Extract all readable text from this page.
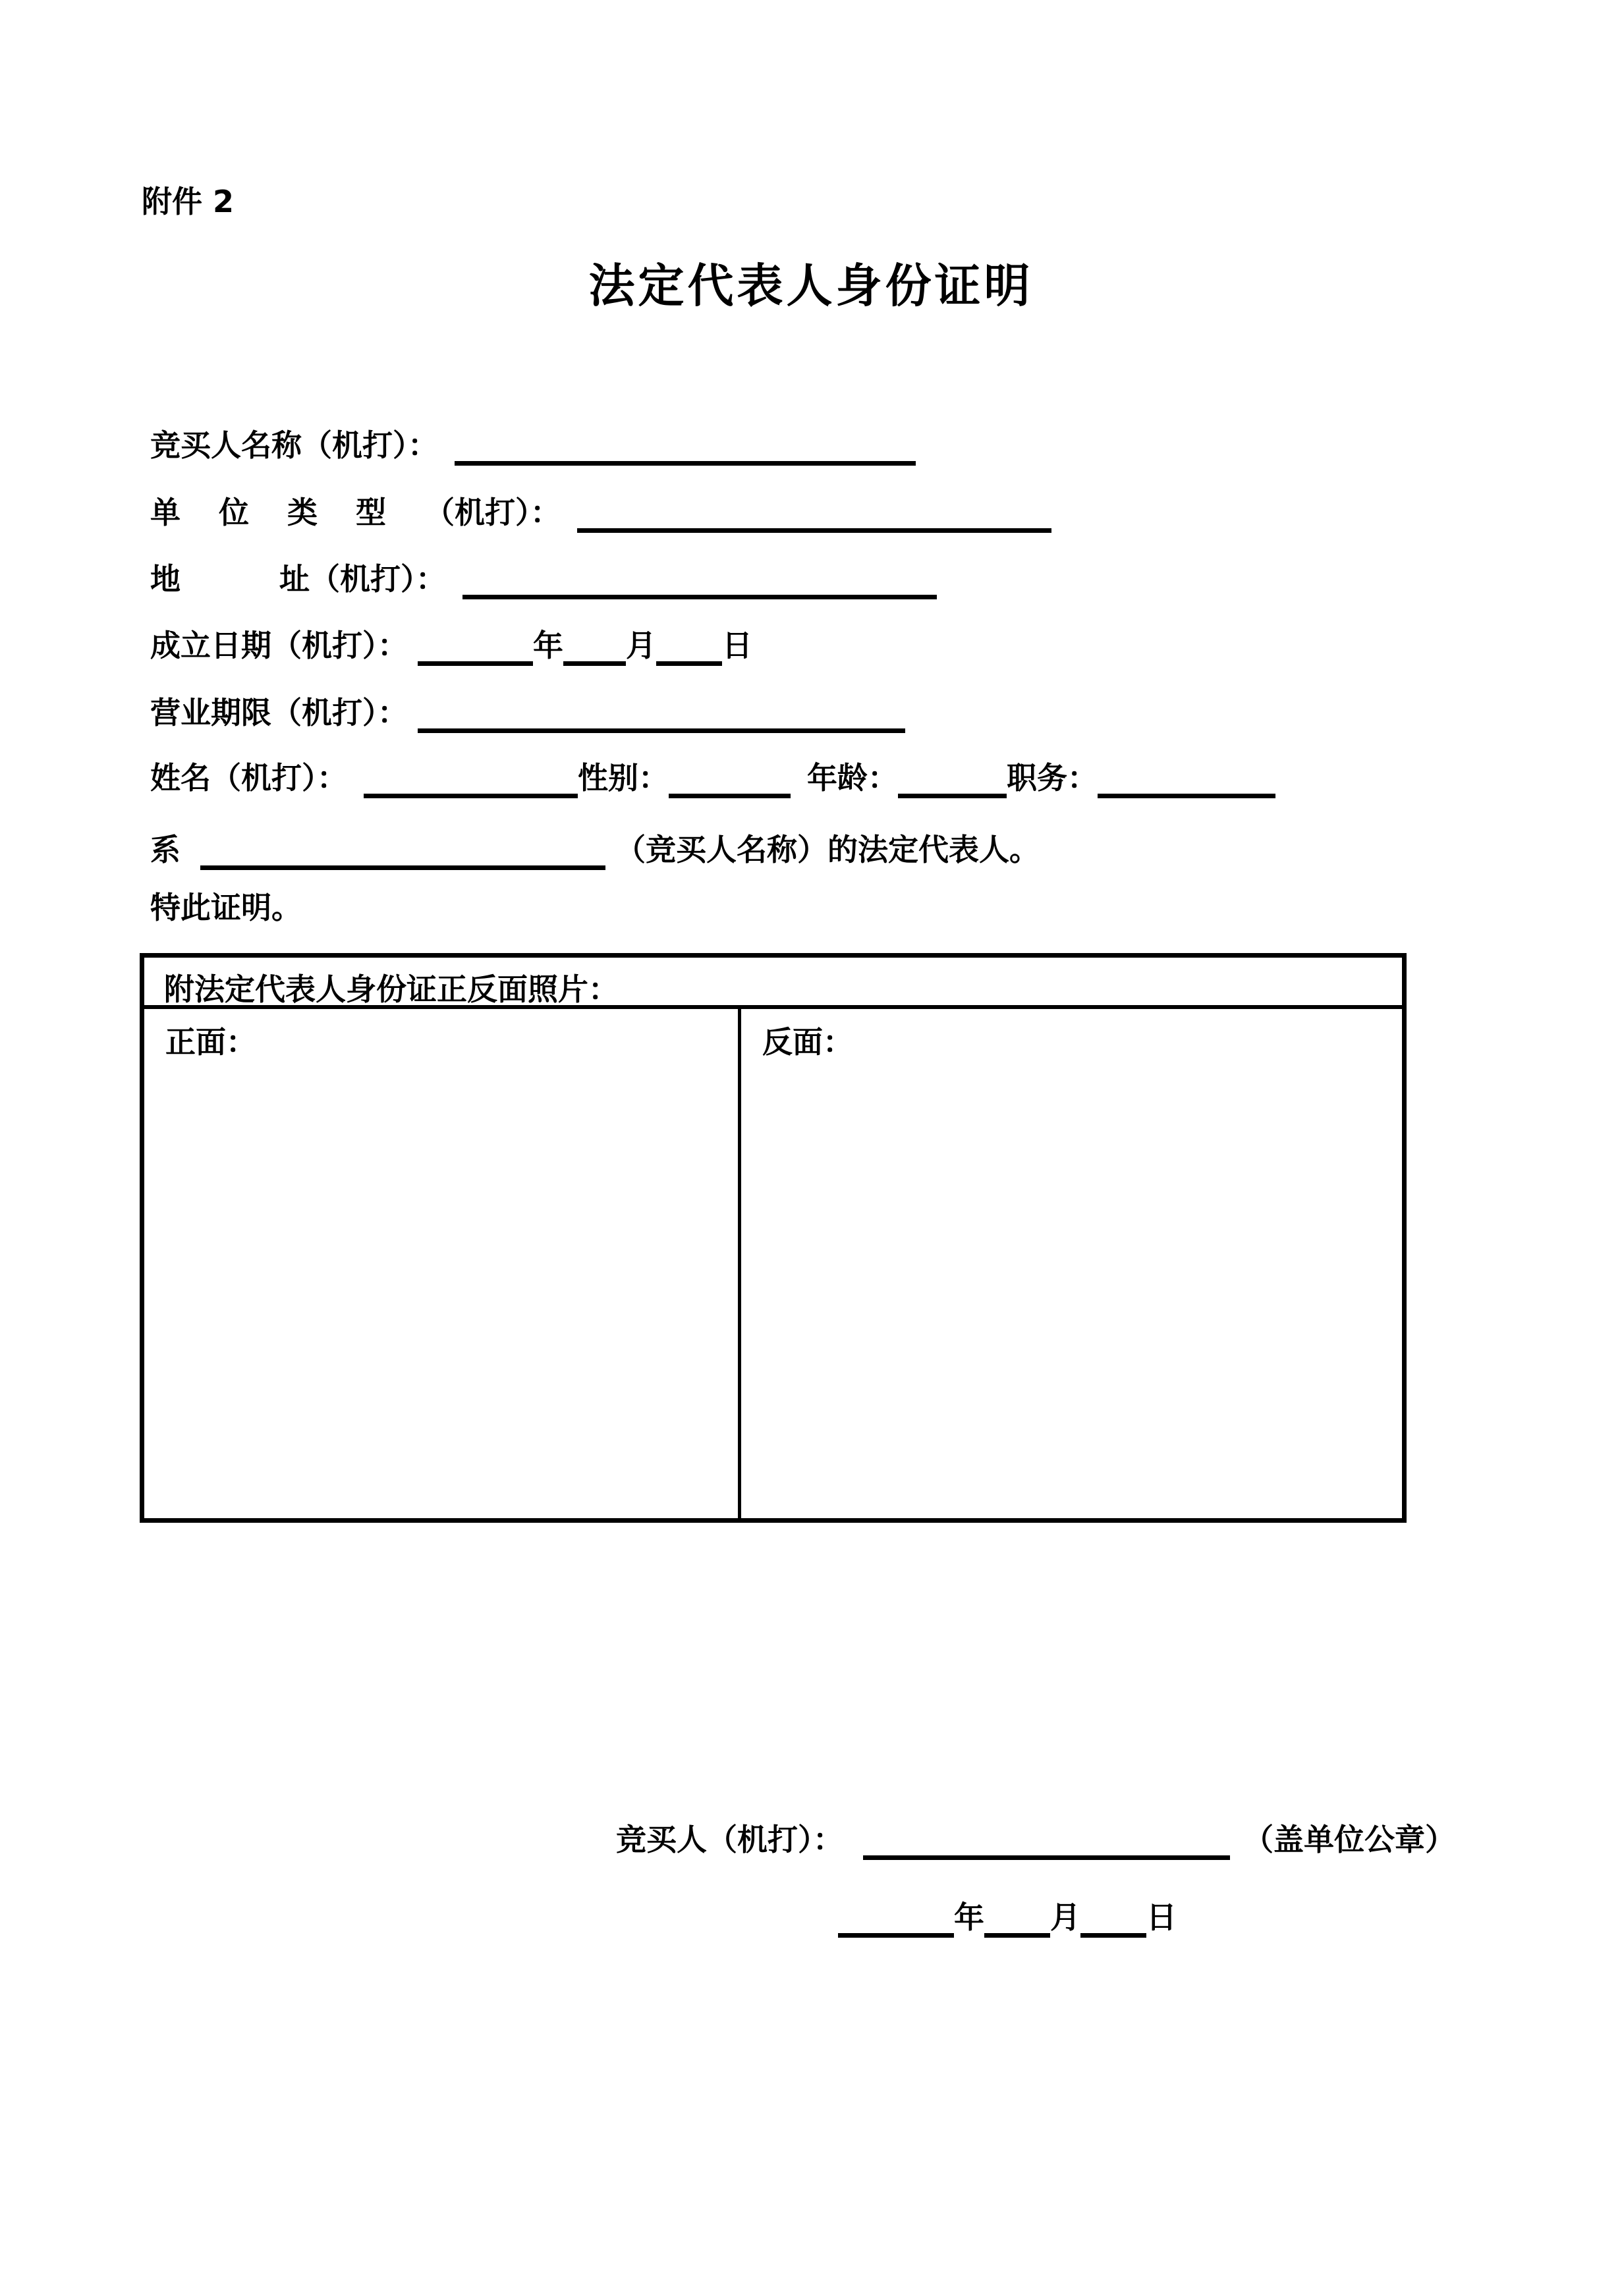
附件 2
法定代表人身份证明
竞买人名称（机打）：
单位类型（机打）：
地	址（机打）：
成立日期（机打）：	年 月 日
营业期限（机打）：
姓名（机打）：	性别：	年龄：	职务：
系	（竞买人名称）的法定代表人。
特此证明。
附法定代表人身份证正反面照片：
正面：	反面：
竞买人（机打）：	（盖单位公章）
年 月 日
